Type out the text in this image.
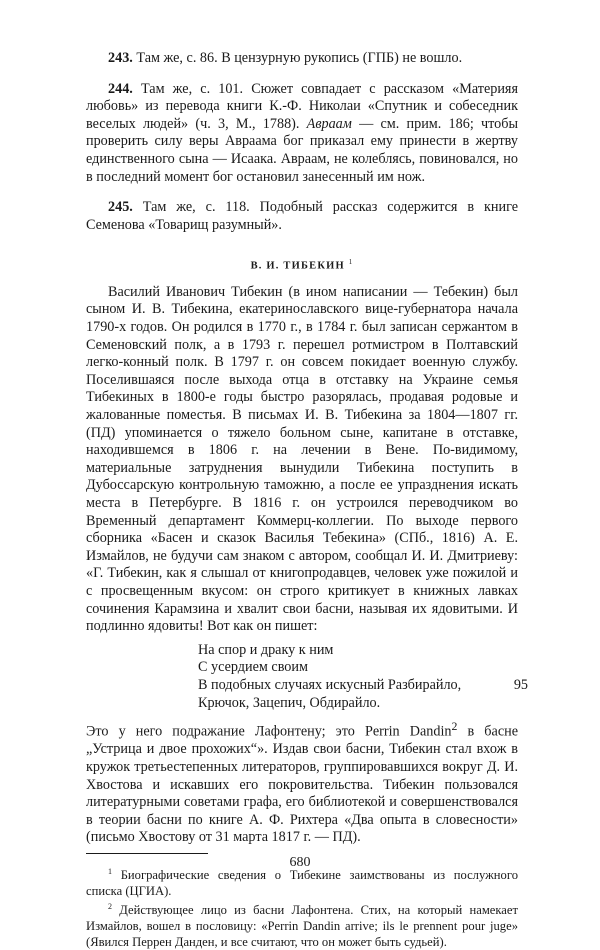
243. Там же, с. 86. В цензурную рукопись (ГПБ) не вошло.

244. Там же, с. 101. Сюжет совпадает с рассказом «Материяя любовь» из перевода книги К.-Ф. Николаи «Спутник и собеседник веселых людей» (ч. 3, М., 1788). Авраам — см. прим. 186; чтобы проверить силу веры Авраама бог приказал ему принести в жертву единственного сына — Исаака. Авраам, не колеблясь, повиновался, но в последний момент бог остановил занесенный им нож.

245. Там же, с. 118. Подобный рассказ содержится в книге Семенова «Товарищ разумный».

В. И. ТИБЕКИН $^1$

Василий Иванович Тибекин (в ином написании — Тебекин) был сыном И. В. Тибекина, екатеринославского вице-губернатора начала 1790-х годов. Он родился в 1770 г., в 1784 г. был записан сержантом в Семеновский полк, а в 1793 г. перешел ротмистром в Полтавский легко-конный полк. В 1797 г. он совсем покидает военную службу. Поселившаяся после выхода отца в отставку на Украине семья Тибекиных в 1800-е годы быстро разорялась, продавая родовые и жалованные поместья. В письмах И. В. Тибекина за 1804—1807 гг. (ПД) упоминается о тяжело больном сыне, капитане в отставке, находившемся в 1806 г. на лечении в Вене. По-видимому, материальные затруднения вынудили Тибекина поступить в Дубоссарскую контрольную таможню, а после ее упразднения искать места в Петербурге. В 1816 г. он устроился переводчиком во Временный департамент Коммерц-коллегии. По выходе первого сборника «Басен и сказок Василья Тебекина» (СПб., 1816) А. Е. Измайлов, не будучи сам знаком с автором, сообщал И. И. Дмитриеву: «Г. Тибекин, как я слышал от книгопродавцев, человек уже пожилой и с просвещенным вкусом: он строго критикует в книжных лавках сочинения Карамзина и хвалит свои басни, называя их ядовитыми. И подлинно ядовиты! Вот как он пишет:

На спор и драку к ним
С усердием своим
В подобных случаях искусный Разбирайло,	95
Крючок, Зацепич, Обдирайло.

Это у него подражание Лафонтену; это Perrin Dandin$^2$ в басне „Устрица и двое прохожих“». Издав свои басни, Тибекин стал вхож в кружок третьестепенных литераторов, группировавшихся вокруг Д. И. Хвостова и искавших его покровительства. Тибекин пользовался литературными советами графа, его библиотекой и совершенствовался в теории басни по книге А. Ф. Рихтера «Два опыта в словесности» (письмо Хвостову от 31 марта 1817 г. — ПД).

$^1$ Биографические сведения о Тибекине заимствованы из послужного списка (ЦГИА).

$^2$ Действующее лицо из басни Лафонтена. Стих, на который намекает Измайлов, вошел в пословицу: «Perrin Dandin arrive; ils le prennent pour juge» (Явился Перрен Данден, и все считают, что он может быть судьей).

680
